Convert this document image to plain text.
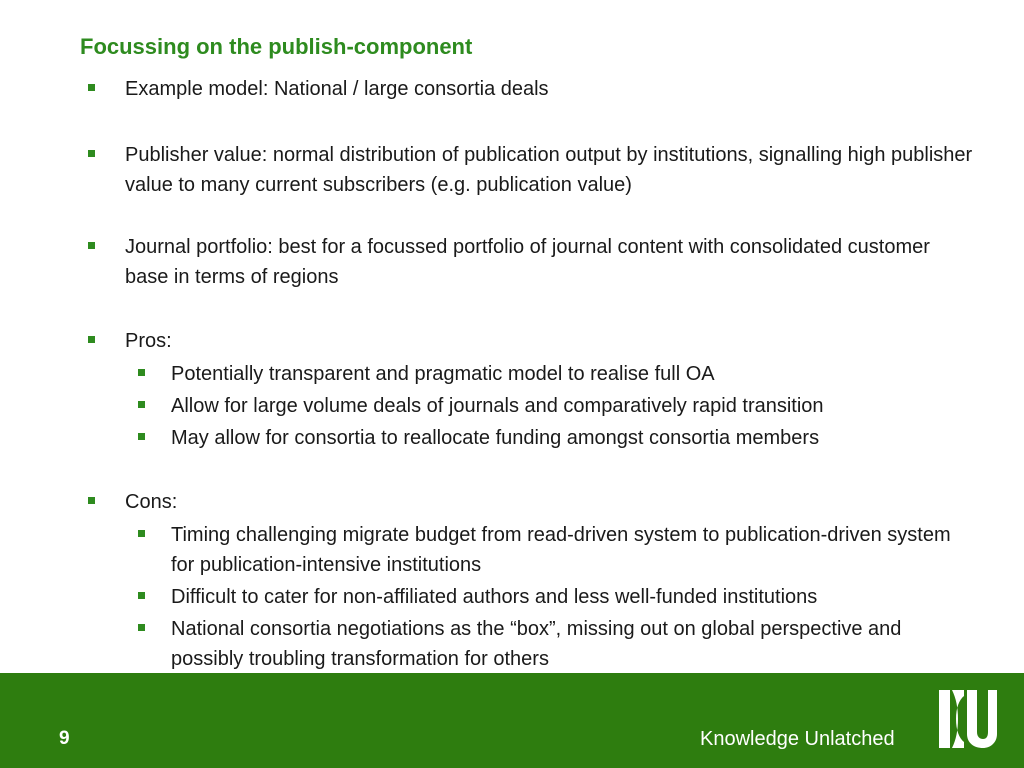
Focussing on the publish-component
Example model: National / large consortia deals
Publisher value: normal distribution of publication output by institutions, signalling high publisher value to many current subscribers (e.g. publication value)
Journal portfolio: best for a focussed portfolio of journal content with consolidated customer base in terms of regions
Pros:
Potentially transparent and pragmatic model to realise full OA
Allow for large volume deals of journals and comparatively rapid transition
May allow for consortia to reallocate funding amongst consortia members
Cons:
Timing challenging migrate budget from read-driven system to publication-driven system for publication-intensive institutions
Difficult to cater for non-affiliated authors and less well-funded institutions
National consortia negotiations as the “box”, missing out on global perspective and possibly troubling transformation for others
9	Knowledge Unlatched
